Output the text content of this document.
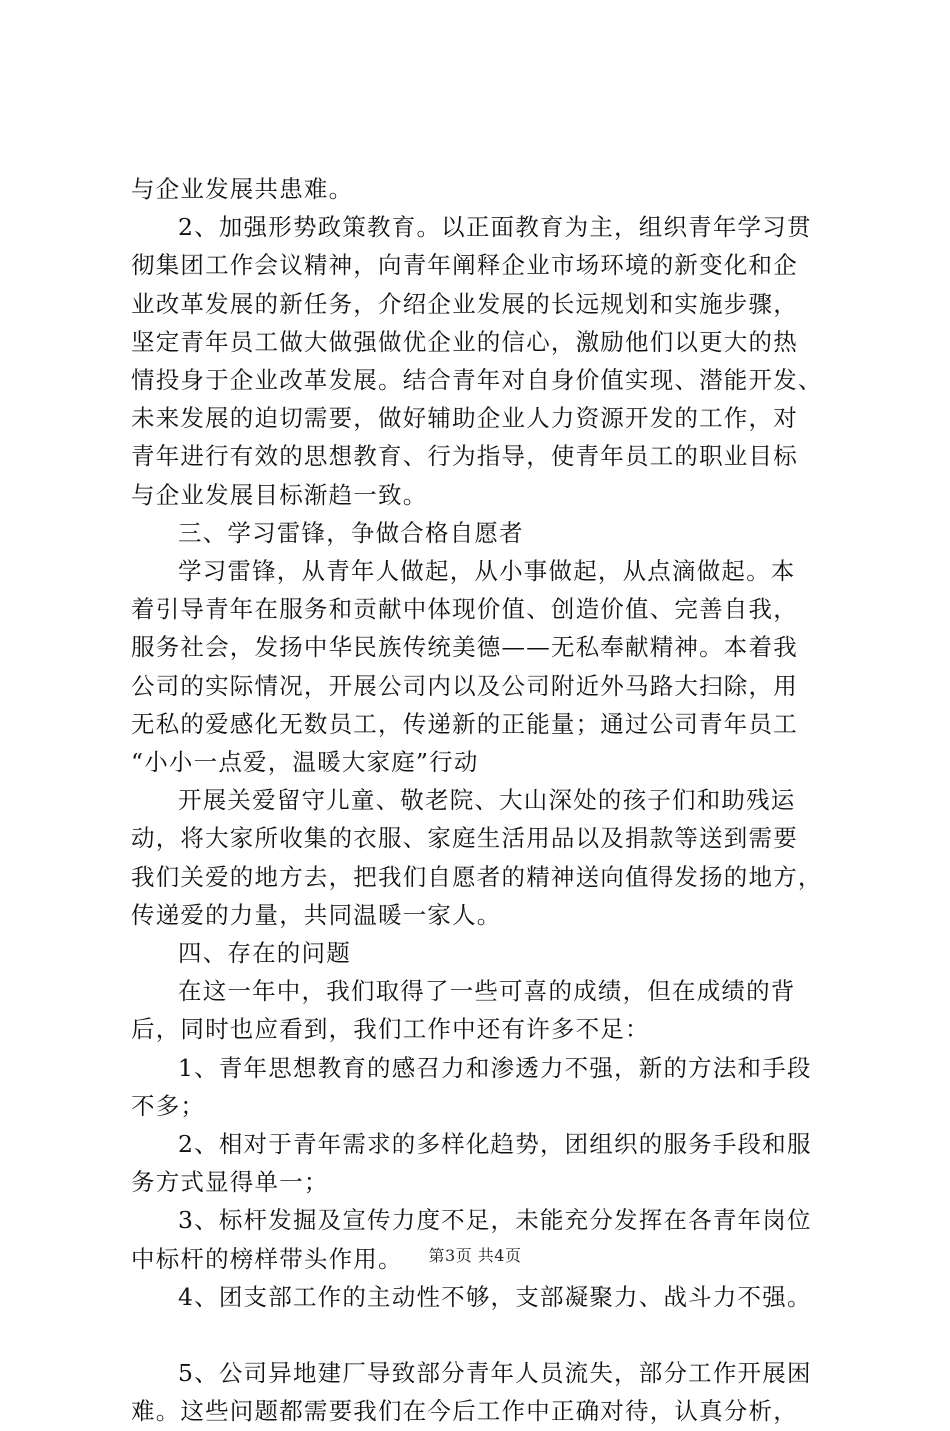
与企业发展共患难。
2、加强形势政策教育。以正面教育为主，组织青年学习贯
彻集团工作会议精神，向青年阐释企业市场环境的新变化和企
业改革发展的新任务，介绍企业发展的长远规划和实施步骤，
坚定青年员工做大做强做优企业的信心，激励他们以更大的热
情投身于企业改革发展。结合青年对自身价值实现、潜能开发、
未来发展的迫切需要，做好辅助企业人力资源开发的工作，对
青年进行有效的思想教育、行为指导，使青年员工的职业目标
与企业发展目标渐趋一致。
三、学习雷锋，争做合格自愿者
学习雷锋，从青年人做起，从小事做起，从点滴做起。本
着引导青年在服务和贡献中体现价值、创造价值、完善自我，
服务社会，发扬中华民族传统美德——无私奉献精神。本着我
公司的实际情况，开展公司内以及公司附近外马路大扫除，用
无私的爱感化无数员工，传递新的正能量；通过公司青年员工
“小小一点爱，温暖大家庭”行动
开展关爱留守儿童、敬老院、大山深处的孩子们和助残运
动，将大家所收集的衣服、家庭生活用品以及捐款等送到需要
我们关爱的地方去，把我们自愿者的精神送向值得发扬的地方，
传递爱的力量，共同温暖一家人。
四、存在的问题
在这一年中，我们取得了一些可喜的成绩，但在成绩的背
后，同时也应看到，我们工作中还有许多不足：
1、青年思想教育的感召力和渗透力不强，新的方法和手段
不多；
2、相对于青年需求的多样化趋势，团组织的服务手段和服
务方式显得单一；
3、标杆发掘及宣传力度不足，未能充分发挥在各青年岗位
中标杆的榜样带头作用。
4、团支部工作的主动性不够，支部凝聚力、战斗力不强。
5、公司异地建厂导致部分青年人员流失，部分工作开展困
难。这些问题都需要我们在今后工作中正确对待，认真分析，
第3页 共4页
